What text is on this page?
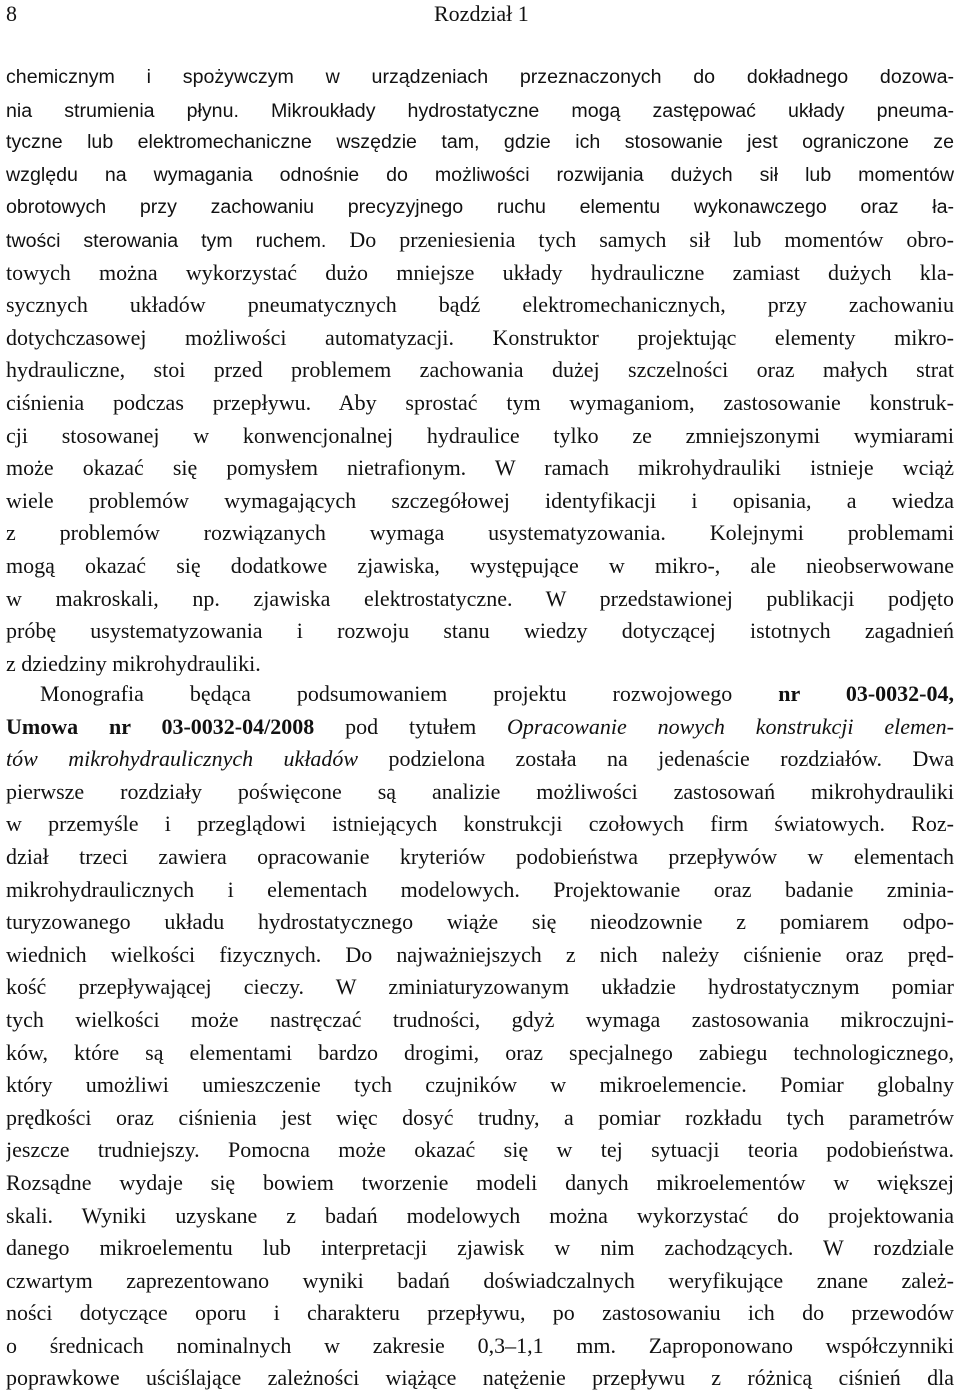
8	Rozdział 1
chemicznym i spożywczym w urządzeniach przeznaczonych do dokładnego dozowa-
nia strumienia płynu. Mikroukłady hydrostatyczne mogą zastępować układy pneuma-
tyczne lub elektromechaniczne wszędzie tam, gdzie ich stosowanie jest ograniczone ze
względu na wymagania odnośnie do możliwości rozwijania dużych sił lub momentów
obrotowych przy zachowaniu precyzyjnego ruchu elementu wykonawczego oraz ła-
twości sterowania tym ruchem. Do przeniesienia tych samych sił lub momentów obro-
towych można wykorzystać dużo mniejsze układy hydrauliczne zamiast dużych kla-
sycznych układów pneumatycznych bądź elektromechanicznych, przy zachowaniu
dotychczasowej możliwości automatyzacji. Konstruktor projektując elementy mikro-
hydrauliczne, stoi przed problemem zachowania dużej szczelności oraz małych strat
ciśnienia podczas przepływu. Aby sprostać tym wymaganiom, zastosowanie konstruk-
cji stosowanej w konwencjonalnej hydraulice tylko ze zmniejszonymi wymiarami
może okazać się pomysłem nietrafionym. W ramach mikrohydrauliki istnieje wciąż
wiele problemów wymagających szczegółowej identyfikacji i opisania, a wiedza
z problemów rozwiązanych wymaga usystematyzowania. Kolejnymi problemami
mogą okazać się dodatkowe zjawiska, występujące w mikro-, ale nieobserwowane
w makroskali, np. zjawiska elektrostatyczne. W przedstawionej publikacji podjęto
próbę usystematyzowania i rozwoju stanu wiedzy dotyczącej istotnych zagadnień
z dziedziny mikrohydrauliki.
Monografia będąca podsumowaniem projektu rozwojowego nr 03-0032-04,
Umowa nr 03-0032-04/2008 pod tytułem Opracowanie nowych konstrukcji elemen-
tów mikrohydraulicznych układów podzielona została na jedenaście rozdziałów. Dwa
pierwsze rozdziały poświęcone są analizie możliwości zastosowań mikrohydrauliki
w przemyśle i przeglądowi istniejących konstrukcji czołowych firm światowych. Roz-
dział trzeci zawiera opracowanie kryteriów podobieństwa przepływów w elementach
mikrohydraulicznych i elementach modelowych. Projektowanie oraz badanie zminia-
turyzowanego układu hydrostatycznego wiąże się nieodzownie z pomiarem odpo-
wiednich wielkości fizycznych. Do najważniejszych z nich należy ciśnienie oraz pręd-
kość przepływającej cieczy. W zminiaturyzowanym układzie hydrostatycznym pomiar
tych wielkości może nastręczać trudności, gdyż wymaga zastosowania mikroczujni-
ków, które są elementami bardzo drogimi, oraz specjalnego zabiegu technologicznego,
który umożliwi umieszczenie tych czujników w mikroelemencie. Pomiar globalny
prędkości oraz ciśnienia jest więc dosyć trudny, a pomiar rozkładu tych parametrów
jeszcze trudniejszy. Pomocna może okazać się w tej sytuacji teoria podobieństwa.
Rozsądne wydaje się bowiem tworzenie modeli danych mikroelementów w większej
skali. Wyniki uzyskane z badań modelowych można wykorzystać do projektowania
danego mikroelementu lub interpretacji zjawisk w nim zachodzących. W rozdziale
czwartym zaprezentowano wyniki badań doświadczalnych weryfikujące znane zależ-
ności dotyczące oporu i charakteru przepływu, po zastosowaniu ich do przewodów
o średnicach nominalnych w zakresie 0,3–1,1 mm. Zaproponowano współczynniki
poprawkowe uściślające zależności wiążące natężenie przepływu z różnicą ciśnień dla
